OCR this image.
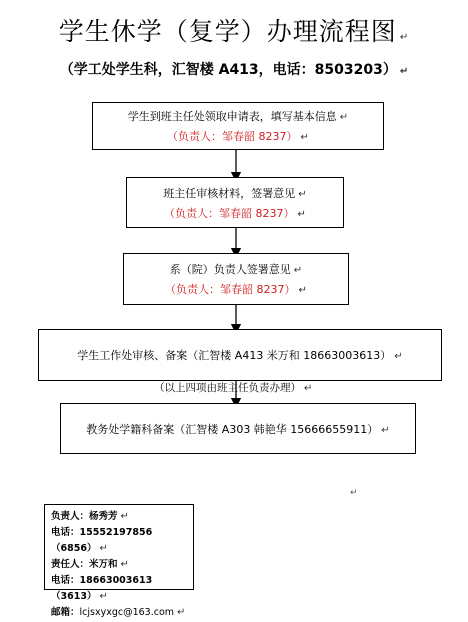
学生休学（复学）办理流程图 ↵
（学工处学生科，汇智楼 A413，电话：8503203） ↵
学生到班主任处领取申请表，填写基本信息 ↵
（负责人：邹春韶 8237） ↵
班主任审核材料，签署意见 ↵
（负责人：邹春韶 8237） ↵
系（院）负责人签署意见 ↵
（负责人：邹春韶 8237） ↵
学生工作处审核、备案（汇智楼 A413 米万和 18663003613） ↵
（以上四项由班主任负责办理） ↵
教务处学籍科备案（汇智楼 A303 韩艳华 15666655911） ↵
↵
负责人：杨秀芳 ↵
电话：15552197856（6856） ↵
责任人：米万和 ↵
电话：18663003613（3613） ↵
邮箱：lcjsxyxgc@163.com ↵
